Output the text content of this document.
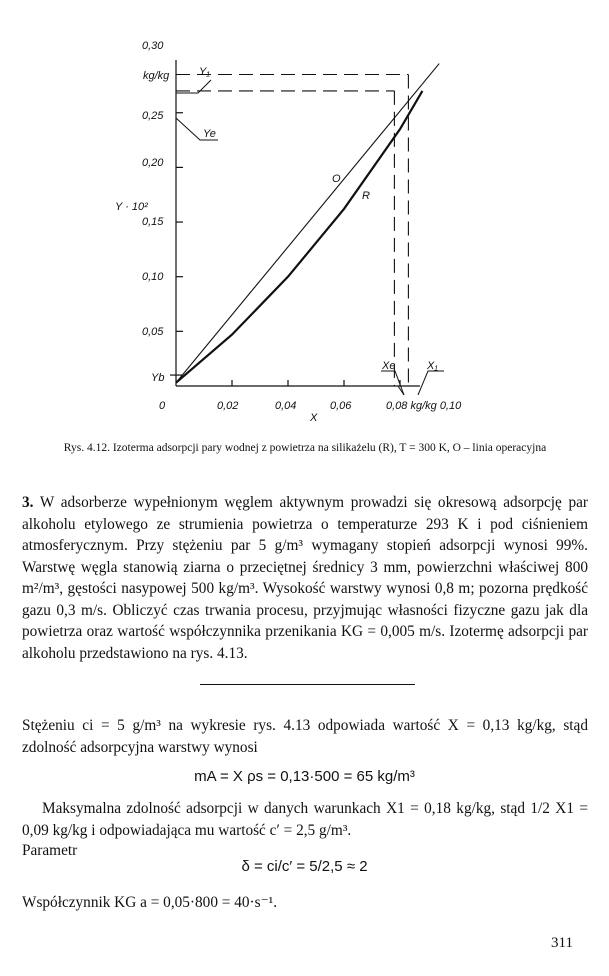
0,30
kg/kg
0,25
0,20
Y · 10²
0,15
0,10
0,05
Yb
0	0,02	0,04	0,06	0,08 kg/kg 0,10
X
Y₁
Ye
O
R
Xe	X₁
Rys. 4.12. Izoterma adsorpcji pary wodnej z powietrza na silikażelu (R), T = 300 K, O – linia operacyjna

3. W adsorberze wypełnionym węglem aktywnym prowadzi się okresową adsorpcję par alkoholu etylowego ze strumienia powietrza o temperaturze 293 K i pod ciśnieniem atmosferycznym. Przy stężeniu par 5 g/m³ wymagany stopień adsorpcji wynosi 99%. Warstwę węgla stanowią ziarna o przeciętnej średnicy 3 mm, powierzchni właściwej 800 m²/m³, gęstości nasypowej 500 kg/m³. Wysokość warstwy wynosi 0,8 m; pozorna prędkość gazu 0,3 m/s. Obliczyć czas trwania procesu, przyjmując własności fizyczne gazu jak dla powietrza oraz wartość współczynnika przenikania KG = 0,005 m/s. Izotermę adsorpcji par alkoholu przedstawiono na rys. 4.13.

Stężeniu ci = 5 g/m³ na wykresie rys. 4.13 odpowiada wartość X = 0,13 kg/kg, stąd zdolność adsorpcyjna warstwy wynosi

mA = X ρs = 0,13·500 = 65 kg/m³

Maksymalna zdolność adsorpcji w danych warunkach X1 = 0,18 kg/kg, stąd 1/2 X1 = 0,09 kg/kg i odpowiadająca mu wartość c′ = 2,5 g/m³.

Parametr
δ = ci/c′ = 5/2,5 ≈ 2

Współczynnik KG a = 0,05·800 = 40·s⁻¹.

311
